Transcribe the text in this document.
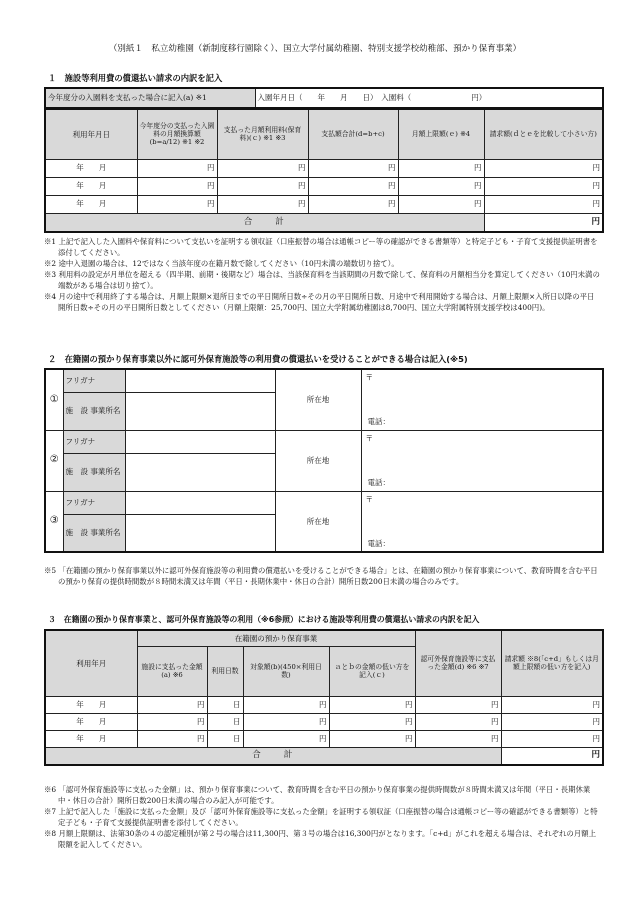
（別紙１　私立幼稚園（新制度移行園除く）、国立大学付属幼稚園、特別支援学校幼稚部、預かり保育事業）
１　施設等利用費の償還払い請求の内訳を記入
今年度分の入園料を支払った場合に記入(a) ※1	入園年月日（　　年　　月　　日）　入園料（　　　　　　　　円）
利用年月日	今年度分の支払った入園料の月額換算額(b=a/12) ※1 ※2	支払った月額利用料(保育料)(ｃ) ※1 ※3	支払額合計(d=b+c)	月額上限額(ｅ) ※4	請求額(ｄとｅを比較して小さい方)
年　　月	円	円	円	円	円
年　　月	円	円	円	円	円
年　　月	円	円	円	円	円
合　　計					円

※1 上記で記入した入園料や保育料について支払いを証明する領収証（口座振替の場合は通帳コピー等の確認ができる書類等）と特定子ども・子育て支援提供証明書を添付してください。

※2 途中入退園の場合は、12ではなく当該年度の在籍月数で除してください（10円未満の端数切り捨て）。

※3 利用料の設定が月単位を超える（四半期、前期・後期など）場合は、当該保育料を当該期間の月数で除して、保育料の月額相当分を算定してください（10円未満の端数がある場合は切り捨て）。

※4 月の途中で利用終了する場合は、月額上限額×退所日までの平日開所日数÷その月の平日開所日数、月途中で利用開始する場合は、月額上限額×入所日以降の平日開所日数÷その月の平日開所日数としてください（月額上限額：25,700円、国立大学附属幼稚園は8,700円、国立大学附属特別支援学校は400円)。

２　在籍園の預かり保育事業以外に認可外保育施設等の利用費の償還払いを受けることができる場合は記入(※5)
①	フリガナ		所在地	〒
電話：

	施　設 事業所名			
②	フリガナ		所在地	〒
電話：

	施　設 事業所名			
③	フリガナ		所在地	〒
電話：

	施　設 事業所名			

※5 「在籍園の預かり保育事業以外に認可外保育施設等の利用費の償還払いを受けることができる場合」とは、在籍園の預かり保育事業について、教育時間を含む平日の預かり保育の提供時間数が８時間未満又は年間（平日・長期休業中・休日の合計）開所日数200日未満の場合のみです。

３　在籍園の預かり保育事業と、認可外保育施設等の利用（※6参照）における施設等利用費の償還払い請求の内訳を記入
利用年月	在籍園の預かり保育事業				認可外保育施設等に支払った金額(d) ※6 ※7	請求額 ※8(「c+d」もしくは月額上限額の低い方を記入)
	施設に支払った金額(a) ※6	利用日数	対象額(b)(450×利用日数)	ａとｂの金額の低い方を記入(ｃ)		
年　　月	円	日	円	円	円	円
年　　月	円	日	円	円	円	円
年　　月	円	日	円	円	円	円
合　　計						円

※6 「認可外保育施設等に支払った金額」は、預かり保育事業について、教育時間を含む平日の預かり保育事業の提供時間数が８時間未満又は年間（平日・長期休業中・休日の合計）開所日数200日未満の場合のみ記入が可能です。

※7 上記で記入した「施設に支払った金額」及び「認可外保育施設等に支払った金額」を証明する領収証（口座振替の場合は通帳コピー等の確認ができる書類等）と特定子ども・子育て支援提供証明書を添付してください。

※8 月額上限額は、法第30条の４の認定種別が第２号の場合は11,300円、第３号の場合は16,300円がとなります。「c+d」がこれを超える場合は、それぞれの月額上限額を記入してください。
